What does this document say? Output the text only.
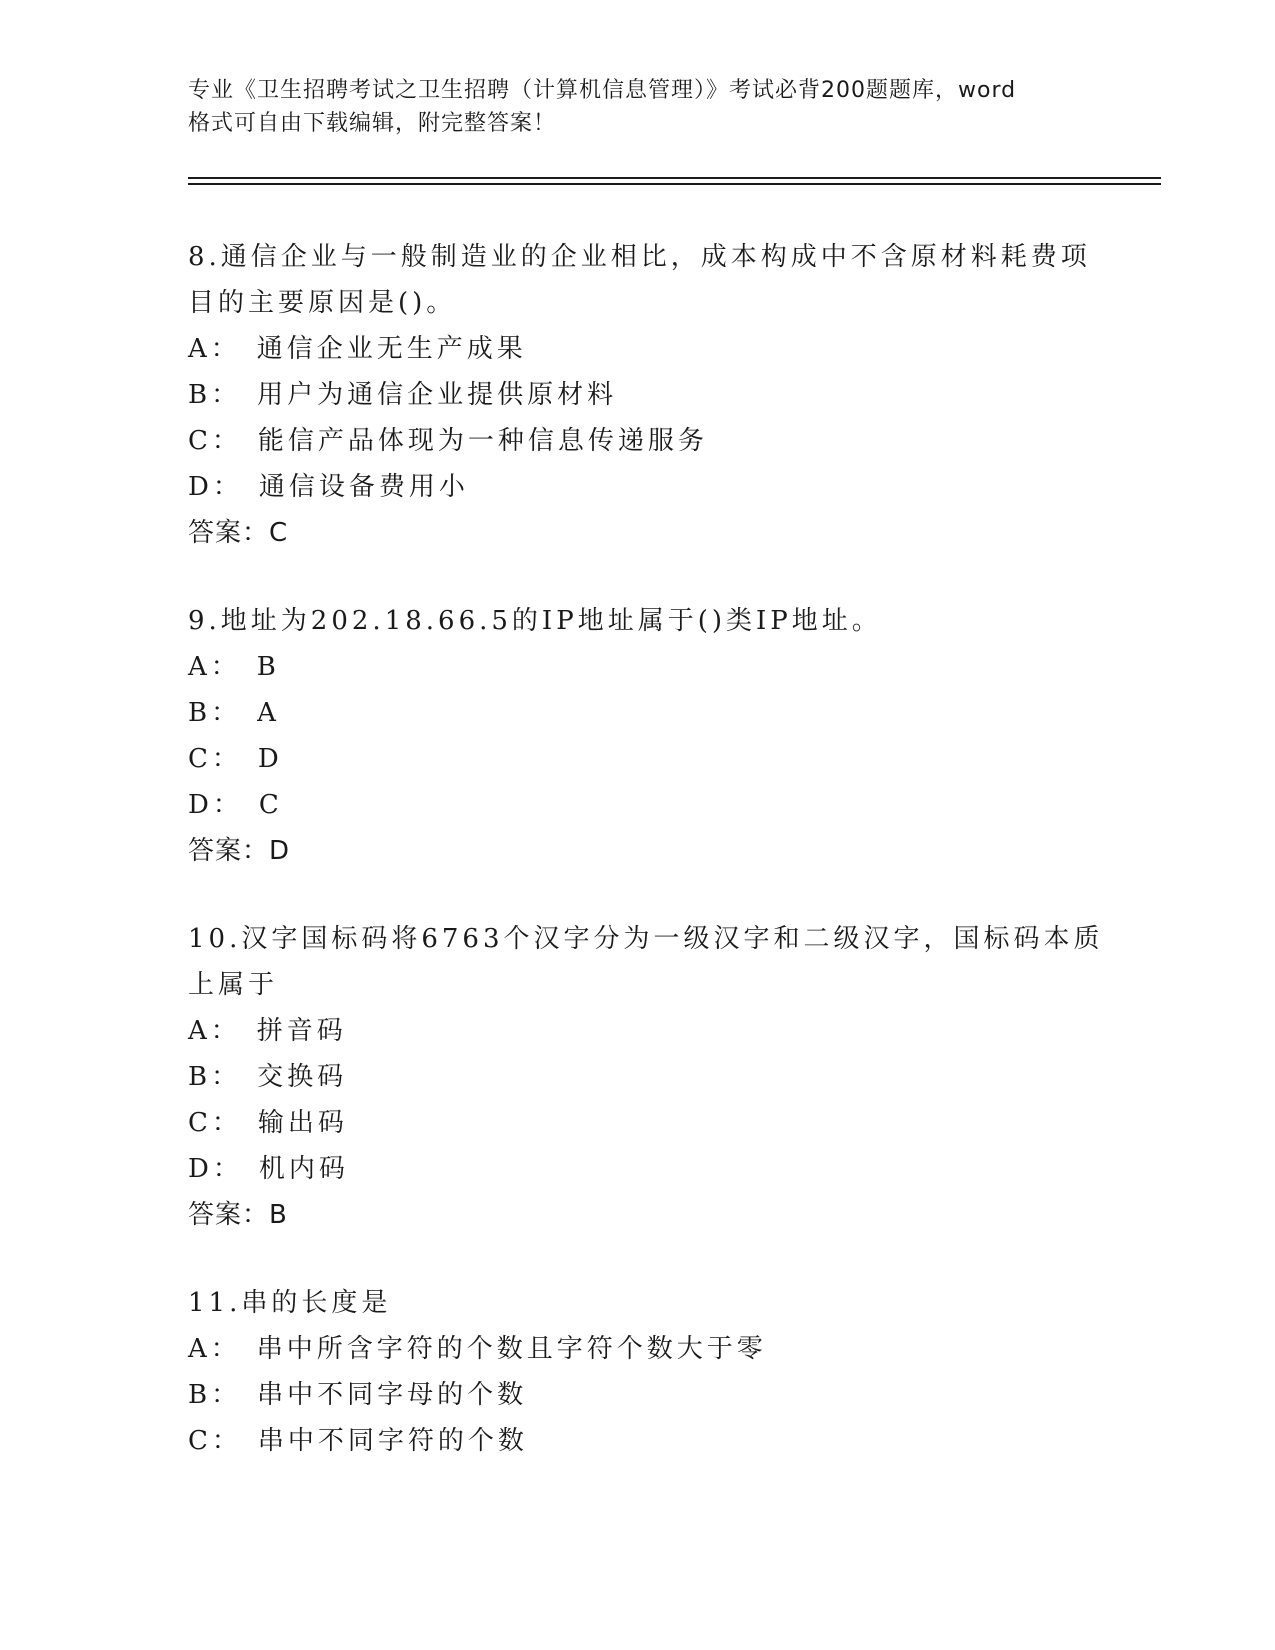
专业《卫生招聘考试之卫生招聘（计算机信息管理）》考试必背200题题库，word
格式可自由下载编辑，附完整答案！
8.通信企业与一般制造业的企业相比，成本构成中不含原材料耗费项
目的主要原因是()。
A： 通信企业无生产成果
B： 用户为通信企业提供原材料
C： 能信产品体现为一种信息传递服务
D： 通信设备费用小
答案：C
9.地址为202.18.66.5的IP地址属于()类IP地址。
A： B
B： A
C： D
D： C
答案：D
10.汉字国标码将6763个汉字分为一级汉字和二级汉字，国标码本质
上属于
A： 拼音码
B： 交换码
C： 输出码
D： 机内码
答案：B
11.串的长度是
A： 串中所含字符的个数且字符个数大于零
B： 串中不同字母的个数
C： 串中不同字符的个数
